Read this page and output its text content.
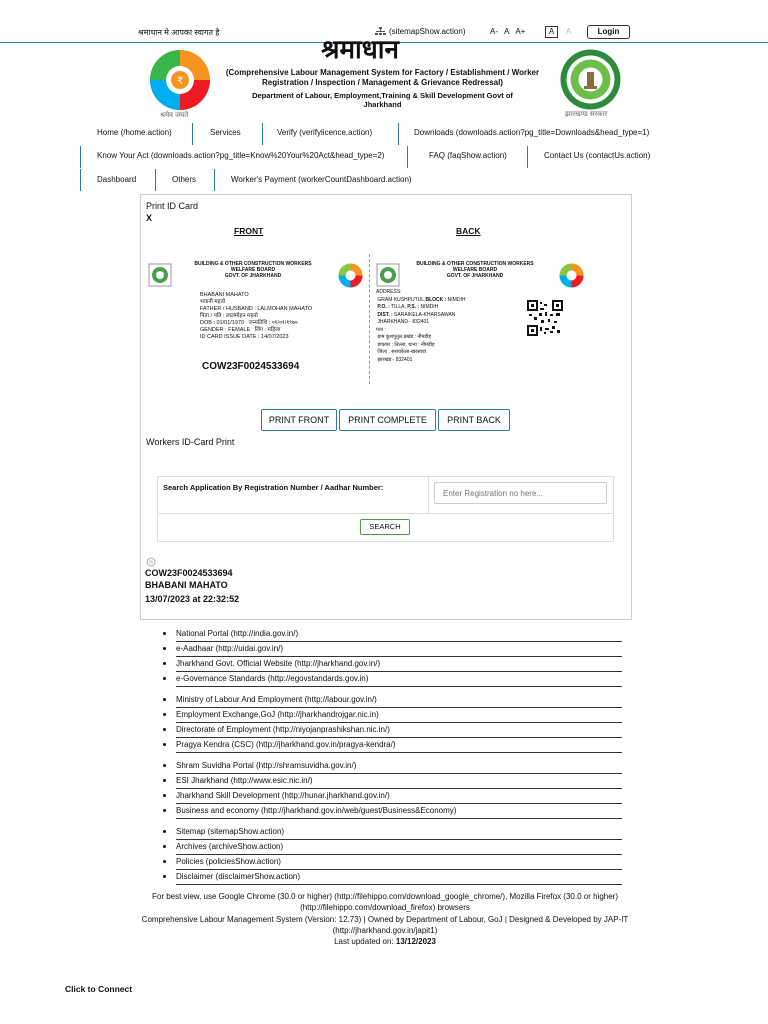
श्रमाधान मे आपका स्वागत है	(sitemapShow.action)	A- A A+	A	A	Login
₹
श्रमेव जयते
श्रमाधान
(Comprehensive Labour Management System for Factory / Establishment / Worker Registration / Inspection / Management & Grievance Redressal)
Department of Labour, Employment,Training & Skill Development Govt of Jharkhand
झारखण्ड सरकार
Home (/home.action)	Services	Verify (verifylicence.action)	Downloads (downloads.action?pg_title=Downloads&head_type=1)
Know Your Act (downloads.action?pg_title=Know%20Your%20Act&head_type=2)	FAQ (faqShow.action)	Contact Us (contactUs.action)
Dashboard	Others	Worker's Payment (workerCountDashboard.action)
Print ID Card
X
FRONT	BACK
BUILDING & OTHER CONSTRUCTION WORKERS
WELFARE BOARD
GOVT. OF JHARKHAND
BHABANI MAHATO
भवानी महतो
FATHER / HUSBAND : LALMOHAN MAHATO
पिता / पति : लालमोहन महतो
DOB : 01/01/1970 जन्मतिथि : ०१/०१/१९७०
GENDER : FEMALE लिंग : महिला
ID CARD ISSUE DATE : 14/07/2023
COW23F0024533694
BUILDING & OTHER CONSTRUCTION WORKERS
WELFARE BOARD
GOVT. OF JHARKHAND
ADDRESS:
GRAM KUSHPUTUL,BLOCK : NIMDIH
P.O. : TILLA, P.S. : NIMDIH
DIST. : SARAIKELA-KHARSAWAN
JHARKHAND - 832401
पता :
ग्राम कुशपुतुल,प्रखंड : नीमडीह
डाकघर : तिल्ला, थाना : नीमडीह
जिला : सरायकेला-खरसावां
झारखंड - 832401
PRINT FRONT	PRINT COMPLETE	PRINT BACK
Workers ID-Card Print
Search Application By Registration Number / Aadhar Number:
Enter Registration no here...
SEARCH
COW23F0024533694
BHABANI MAHATO
13/07/2023 at 22:32:52
National Portal (http://india.gov.in/)
e-Aadhaar (http://uidai.gov.in/)
Jharkhand Govt. Official Website (http://jharkhand.gov.in/)
e-Governance Standards (http://egovstandards.gov.in)
Ministry of Labour And Employment (http://labour.gov.in/)
Employment Exchange,GoJ (http://jharkhandrojgar.nic.in)
Directorate of Employment (http://niyojanprashikshan.nic.in/)
Pragya Kendra (CSC) (http://jharkhand.gov.in/pragya-kendra/)
Shram Suvidha Portal (http://shramsuvidha.gov.in/)
ESI Jharkhand (http://www.esic.nic.in/)
Jharkhand Skill Development (http://hunar.jharkhand.gov.in/)
Business and economy (http://jharkhand.gov.in/web/guest/Business&Economy)
Sitemap (sitemapShow.action)
Archives (archiveShow.action)
Policies (policiesShow.action)
Disclaimer (disclaimerShow.action)
For best view, use Google Chrome (30.0 or higher) (http://filehippo.com/download_google_chrome/), Mozilla Firefox (30.0 or higher) (http://filehippo.com/download_firefox) browsers
Comprehensive Labour Management System (Version: 12.73) | Owned by Department of Labour, GoJ | Designed & Developed by JAP-IT (http://jharkhand.gov.in/japit1)
Last updated on: 13/12/2023
Click to Connect
